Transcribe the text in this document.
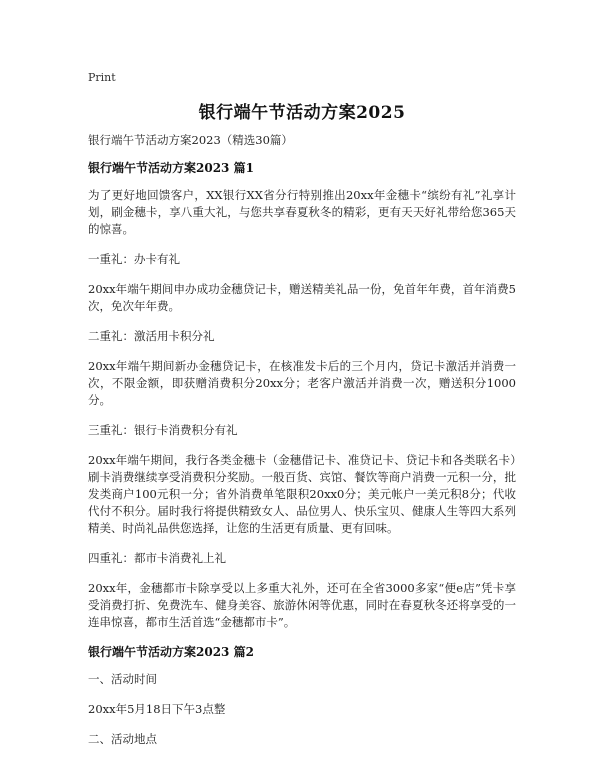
Print
银行端午节活动方案2025

银行端午节活动方案2023（精选30篇）

银行端午节活动方案2023 篇1

为了更好地回馈客户，XX银行XX省分行特别推出20xx年金穗卡“缤纷有礼”礼享计划，刷金穗卡，享八重大礼，与您共享春夏秋冬的精彩，更有天天好礼带给您365天的惊喜。

一重礼：办卡有礼

20xx年端午期间申办成功金穗贷记卡，赠送精美礼品一份，免首年年费，首年消费5次，免次年年费。

二重礼：激活用卡积分礼

20xx年端午期间新办金穗贷记卡，在核准发卡后的三个月内，贷记卡激活并消费一次，不限金额，即获赠消费积分20xx分；老客户激活并消费一次，赠送积分1000分。

三重礼：银行卡消费积分有礼

20xx年端午期间，我行各类金穗卡（金穗借记卡、准贷记卡、贷记卡和各类联名卡）刷卡消费继续享受消费积分奖励。一般百货、宾馆、餐饮等商户消费一元积一分，批发类商户100元积一分；省外消费单笔限积20xx0分；美元帐户一美元积8分；代收代付不积分。届时我行将提供精致女人、品位男人、快乐宝贝、健康人生等四大系列精美、时尚礼品供您选择，让您的生活更有质量、更有回味。

四重礼：都市卡消费礼上礼

20xx年，金穗都市卡除享受以上多重大礼外，还可在全省3000多家“便e店”凭卡享受消费打折、免费洗车、健身美容、旅游休闲等优惠，同时在春夏秋冬还将享受的一连串惊喜，都市生活首选“金穗都市卡”。

银行端午节活动方案2023 篇2

一、活动时间

20xx年5月18日下午3点整

二、活动地点
